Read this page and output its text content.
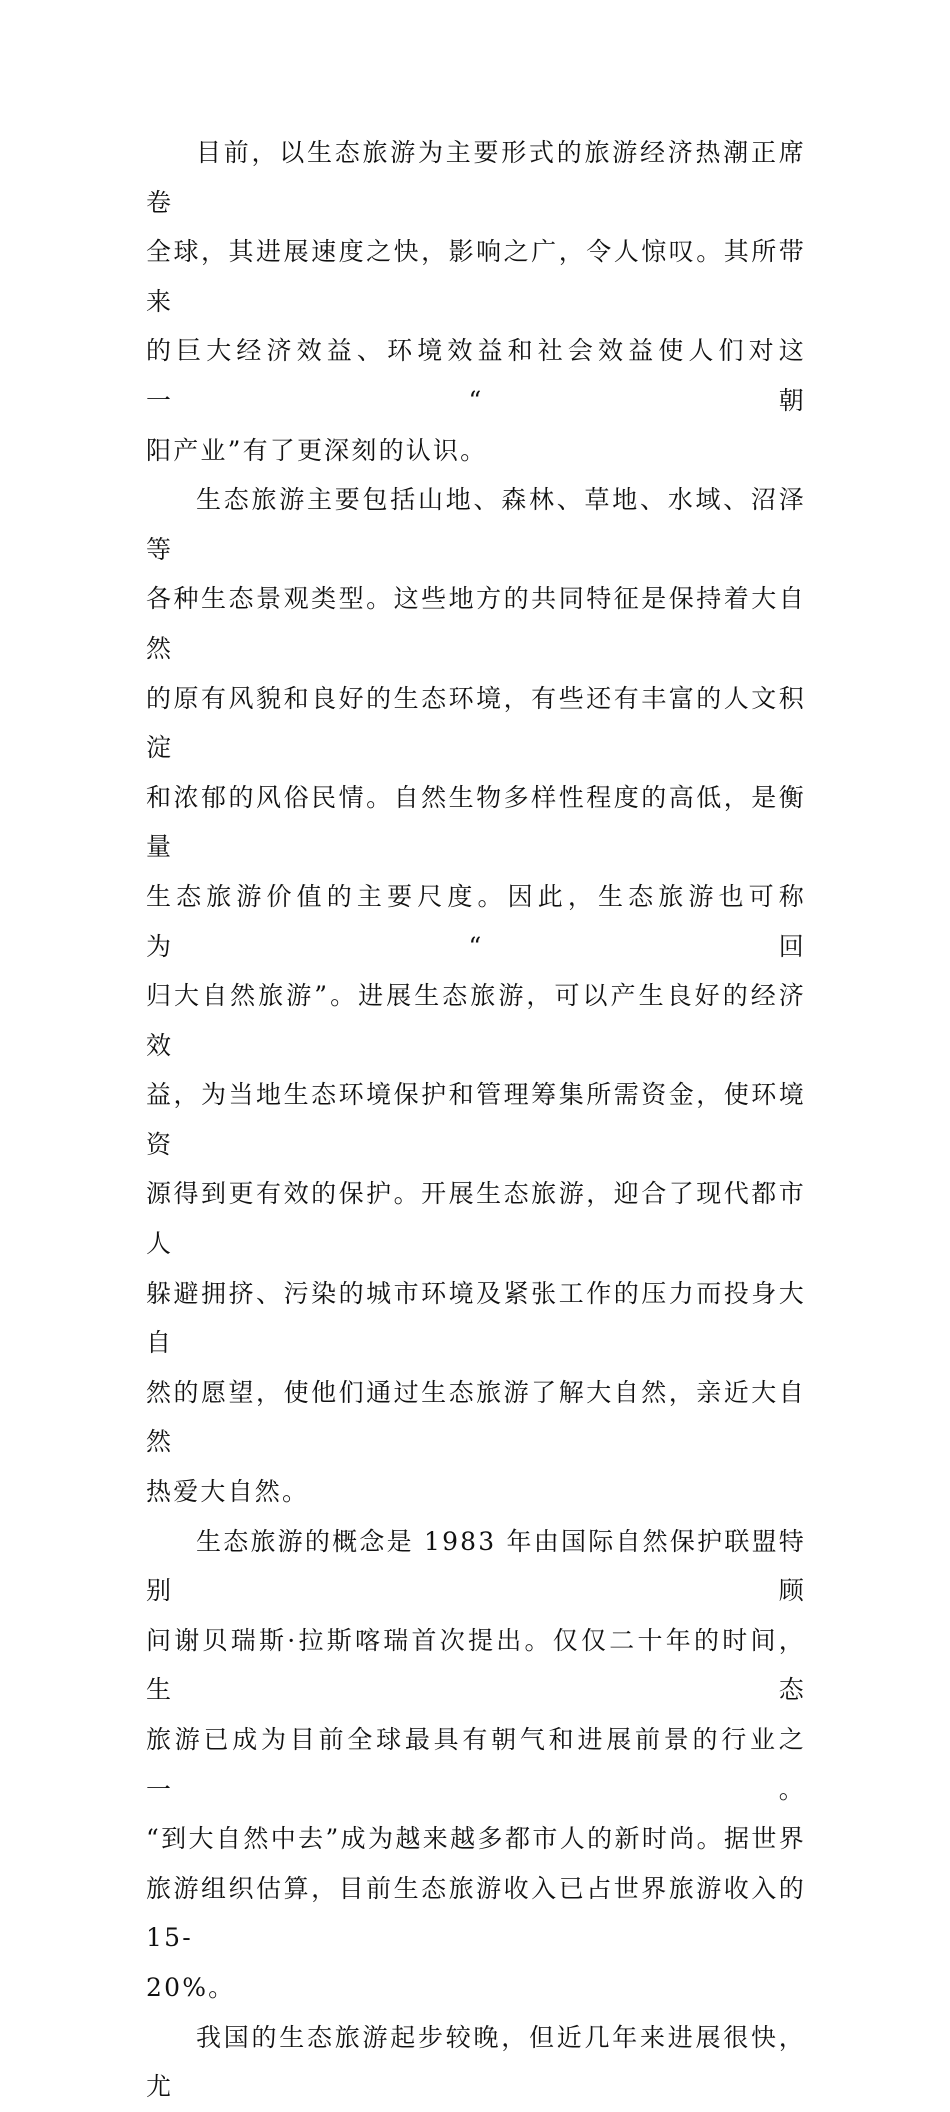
目前，以生态旅游为主要形式的旅游经济热潮正席卷
全球，其进展速度之快，影响之广，令人惊叹。其所带来
的巨大经济效益、环境效益和社会效益使人们对这一“朝
阳产业”有了更深刻的认识。

生态旅游主要包括山地、森林、草地、水域、沼泽等
各种生态景观类型。这些地方的共同特征是保持着大自然
的原有风貌和良好的生态环境，有些还有丰富的人文积淀
和浓郁的风俗民情。自然生物多样性程度的高低，是衡量
生态旅游价值的主要尺度。因此，生态旅游也可称为“回
归大自然旅游”。进展生态旅游，可以产生良好的经济效
益，为当地生态环境保护和管理筹集所需资金，使环境资
源得到更有效的保护。开展生态旅游，迎合了现代都市人
躲避拥挤、污染的城市环境及紧张工作的压力而投身大自
然的愿望，使他们通过生态旅游了解大自然，亲近大自然
热爱大自然。

生态旅游的概念是 1983 年由国际自然保护联盟特别顾
问谢贝瑞斯·拉斯喀瑞首次提出。仅仅二十年的时间，生态
旅游已成为目前全球最具有朝气和进展前景的行业之一。
“到大自然中去”成为越来越多都市人的新时尚。据世界
旅游组织估算，目前生态旅游收入已占世界旅游收入的 15-
20%。

我国的生态旅游起步较晚，但近几年来进展很快，尤
